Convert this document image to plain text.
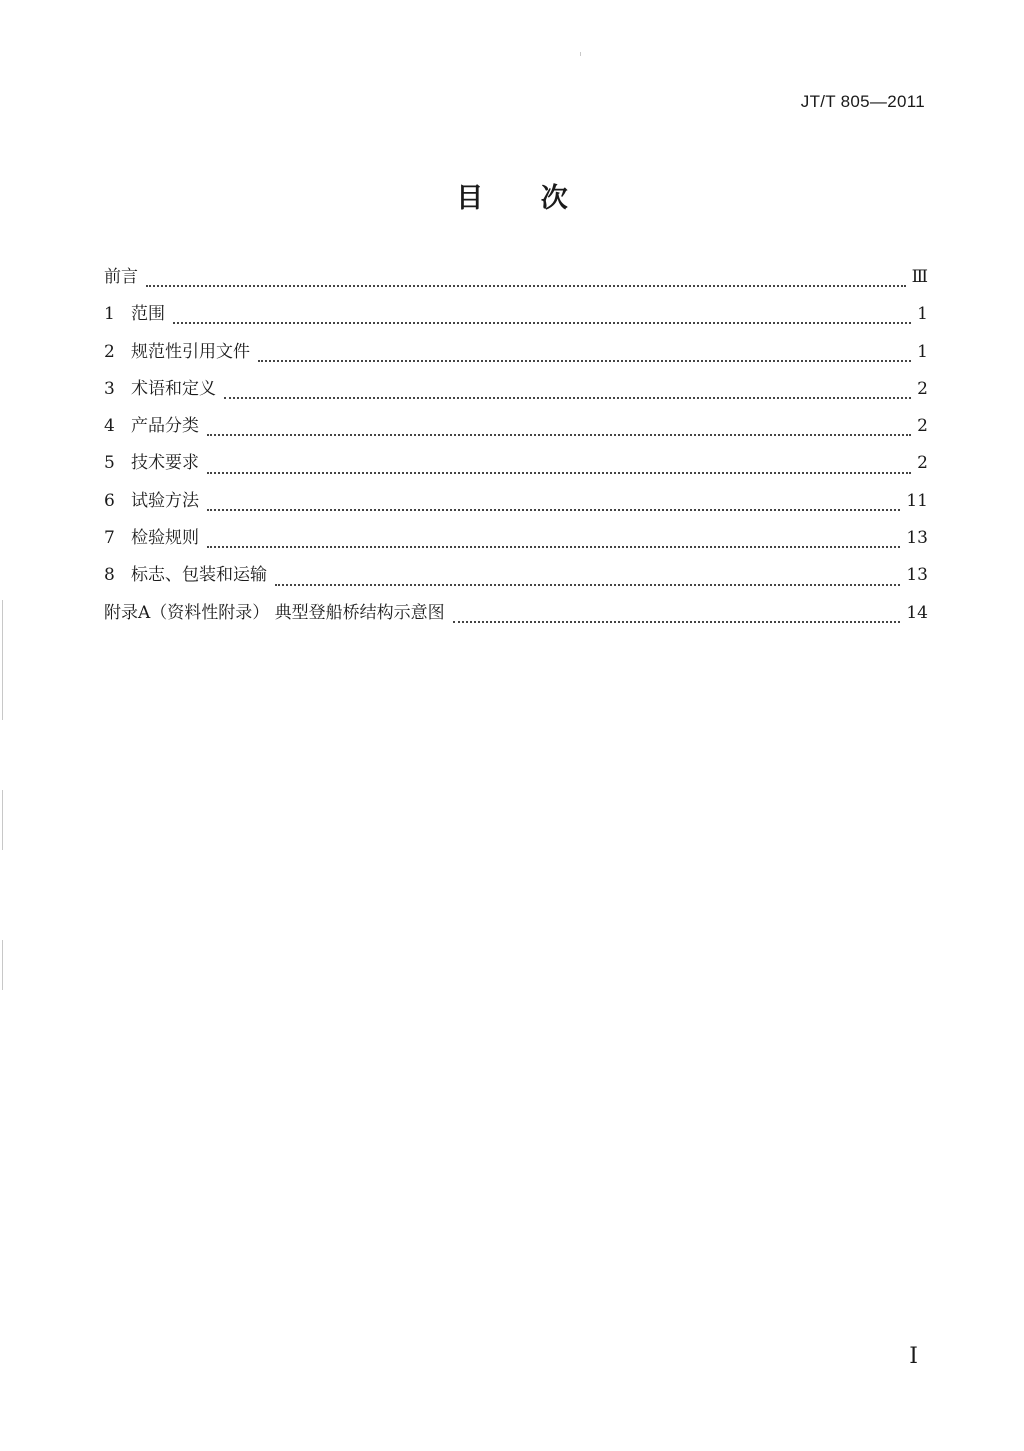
JT/T 805—2011
目 次
前言	Ⅲ
1 范围	1
2 规范性引用文件	1
3 术语和定义	2
4 产品分类	2
5 技术要求	2
6 试验方法	11
7 检验规则	13
8 标志、包装和运输	13
附录A（资料性附录） 典型登船桥结构示意图	14
I
